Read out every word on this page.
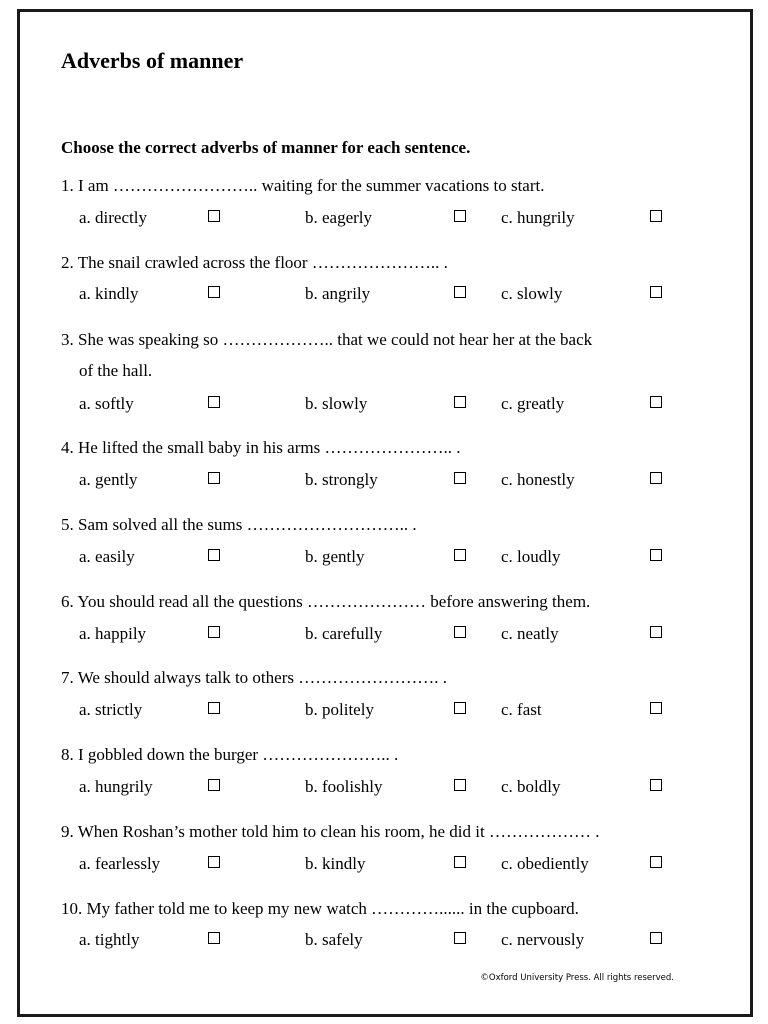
Adverbs of manner
Choose the correct adverbs of manner for each sentence.
1. I am …………………….. waiting for the summer vacations to start.
a. directly	b. eagerly	c. hungrily
2. The snail crawled across the floor ………………….. .
a. kindly	b. angrily	c. slowly
3. She was speaking so ……………….. that we could not hear her at the back
of the hall.
a. softly	b. slowly	c. greatly
4. He lifted the small baby in his arms ………………….. .
a. gently	b. strongly	c. honestly
5. Sam solved all the sums ……………………….. .
a. easily	b. gently	c. loudly
6. You should read all the questions ………………… before answering them.
a. happily	b. carefully	c. neatly
7. We should always talk to others ……………………. .
a. strictly	b. politely	c. fast
8. I gobbled down the burger ………………….. .
a. hungrily	b. foolishly	c. boldly
9. When Roshan’s mother told him to clean his room, he did it ……………… .
a. fearlessly	b. kindly	c. obediently
10. My father told me to keep my new watch …………...... in the cupboard.
a. tightly	b. safely	c. nervously
©Oxford University Press. All rights reserved.
